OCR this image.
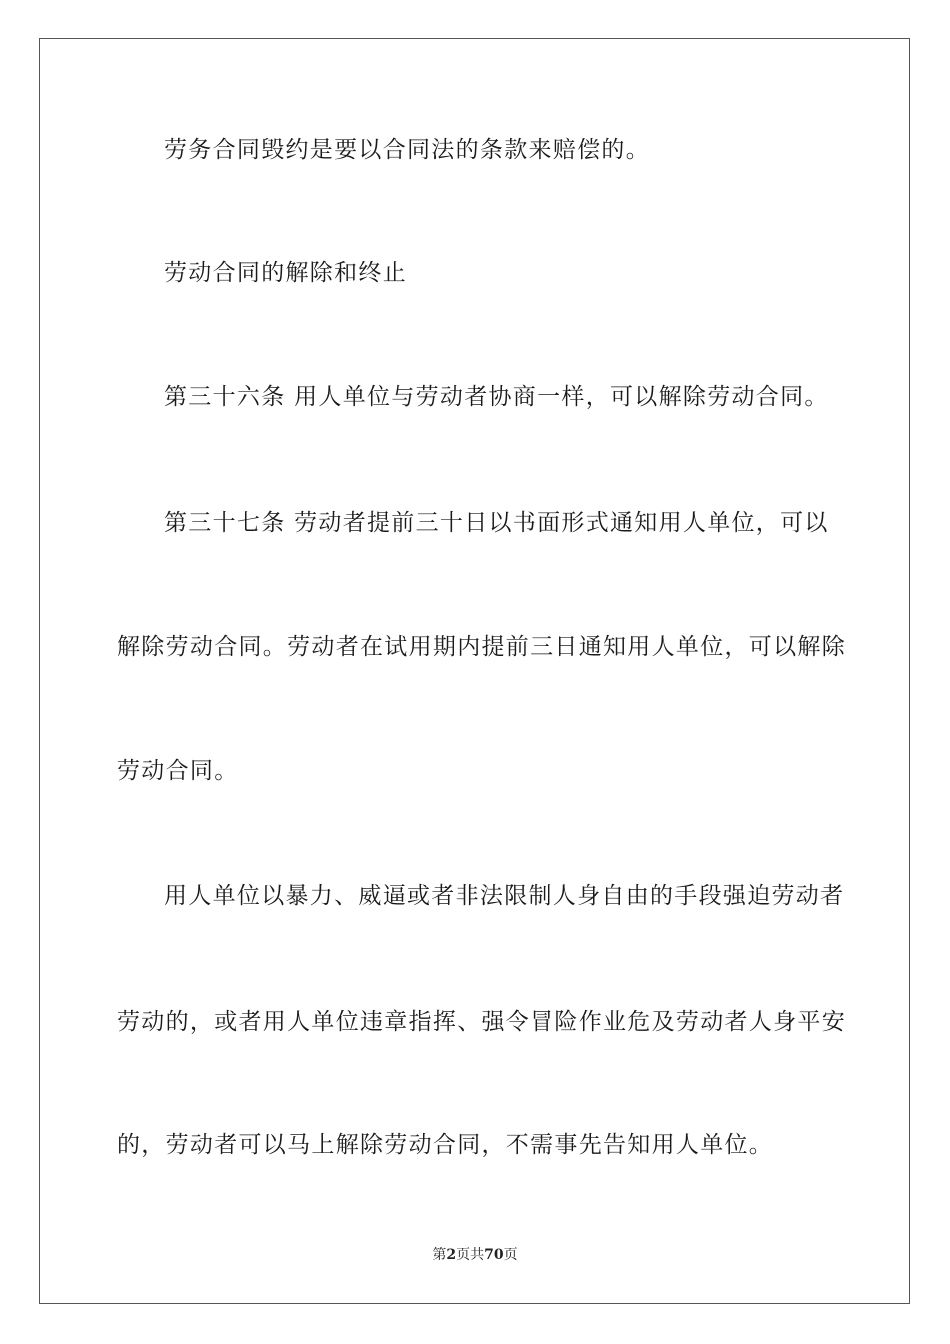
劳务合同毁约是要以合同法的条款来赔偿的。
劳动合同的解除和终止
第三十六条 用人单位与劳动者协商一样，可以解除劳动合同。
第三十七条 劳动者提前三十日以书面形式通知用人单位，可以
解除劳动合同。劳动者在试用期内提前三日通知用人单位，可以解除
劳动合同。
用人单位以暴力、威逼或者非法限制人身自由的手段强迫劳动者
劳动的，或者用人单位违章指挥、强令冒险作业危及劳动者人身平安
的，劳动者可以马上解除劳动合同，不需事先告知用人单位。
第2页共70页
